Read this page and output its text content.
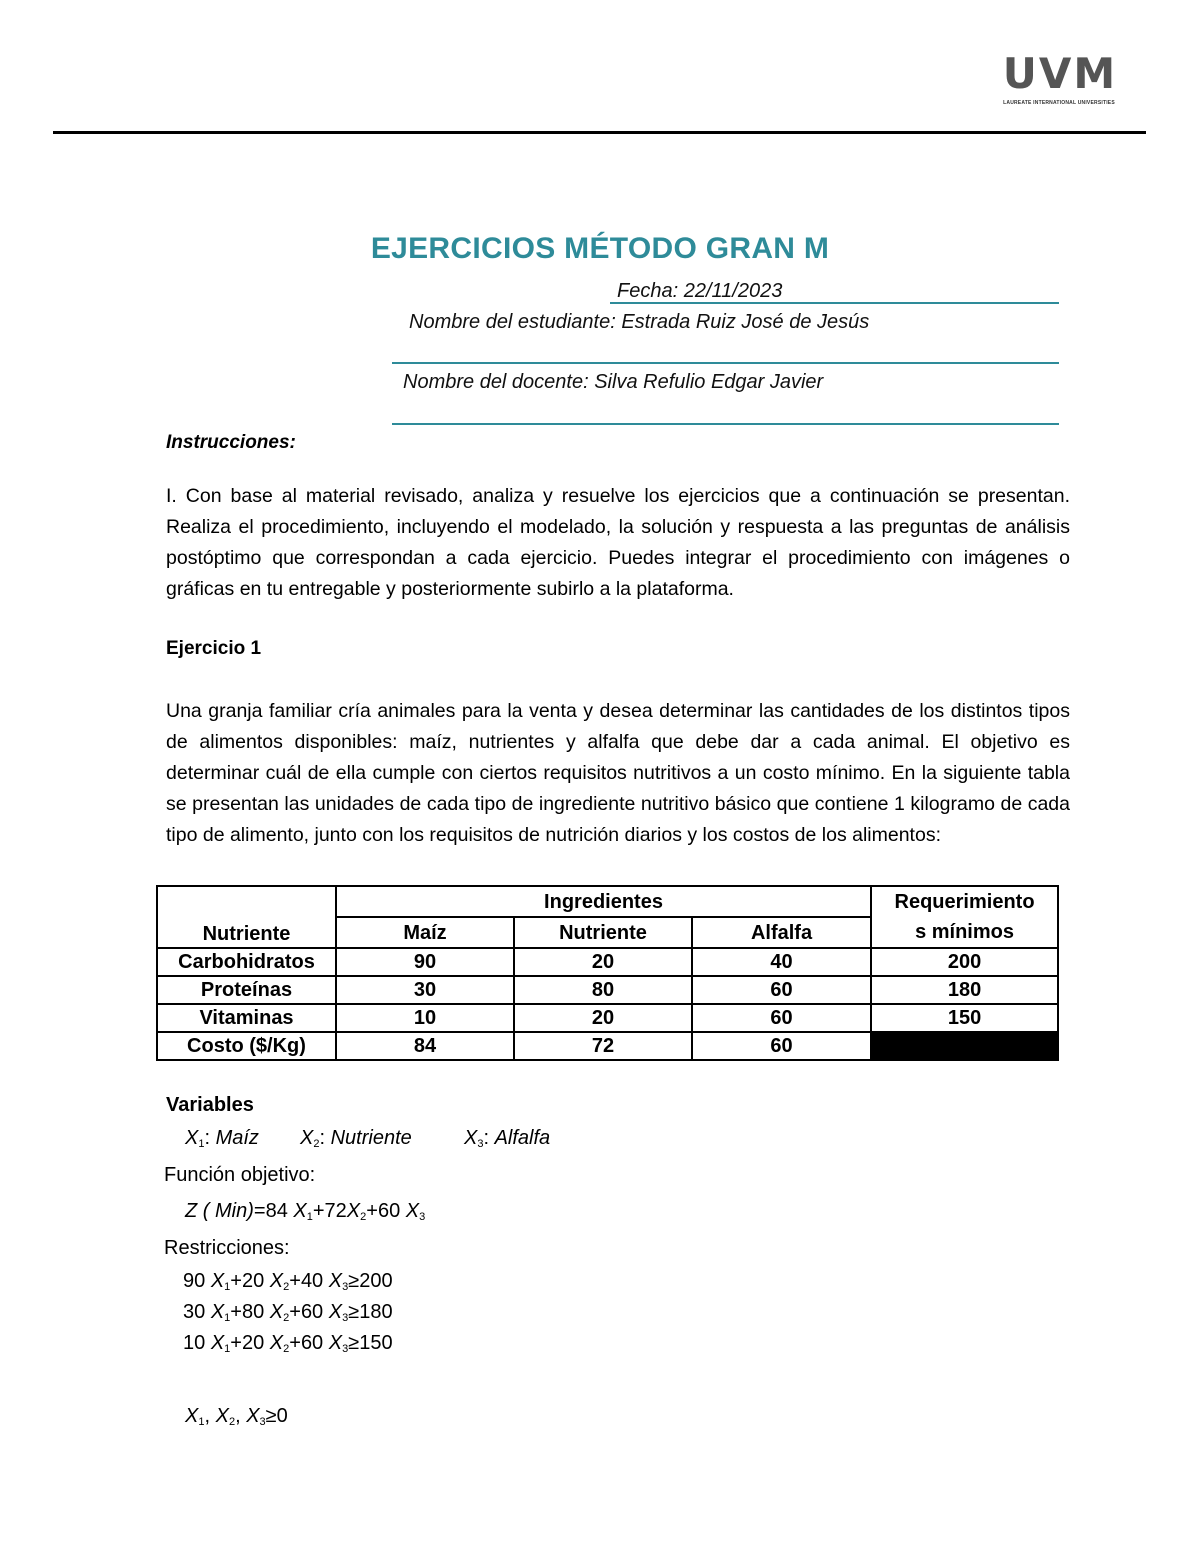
UVM
LAUREATE INTERNATIONAL UNIVERSITIES
EJERCICIOS MÉTODO GRAN M
Fecha: 22/11/2023
Nombre del estudiante: Estrada Ruiz José de Jesús
Nombre del docente: Silva Refulio Edgar Javier
Instrucciones:
I. Con base al material revisado, analiza y resuelve los ejercicios que a continuación se presentan. Realiza el procedimiento, incluyendo el modelado, la solución y respuesta a las preguntas de análisis postóptimo que correspondan a cada ejercicio. Puedes integrar el procedimiento con imágenes o gráficas en tu entregable y posteriormente subirlo a la plataforma.
Ejercicio 1
Una granja familiar cría animales para la venta y desea determinar las cantidades de los distintos tipos de alimentos disponibles: maíz, nutrientes y alfalfa que debe dar a cada animal. El objetivo es determinar cuál de ella cumple con ciertos requisitos nutritivos a un costo mínimo. En la siguiente tabla se presentan las unidades de cada tipo de ingrediente nutritivo básico que contiene 1 kilogramo de cada tipo de alimento, junto con los requisitos de nutrición diarios y los costos de los alimentos:
Nutriente	Ingredientes			Requerimiento
s mínimos
	Maíz	Nutriente	Alfalfa	
Carbohidratos	90	20	40	200
Proteínas	30	80	60	180
Vitaminas	10	20	60	150
Costo ($/Kg)	84	72	60	
Variables
$X_1$: Maíz $X_2$: Nutriente	$X_3$: Alfalfa
Función objetivo:
Z ( Min)=84 $X_1+72X_2+60$ $X_3$
Restricciones:
90 $X_1+20$ $X_2+40$ $X_3\ge 200$
30 $X_1+80$ $X_2+60$ $X_3\ge 180$
10 $X_1+20$ $X_2+60$ $X_3\ge 150$
$X_1$, $X_2$, $X_3\ge 0$
